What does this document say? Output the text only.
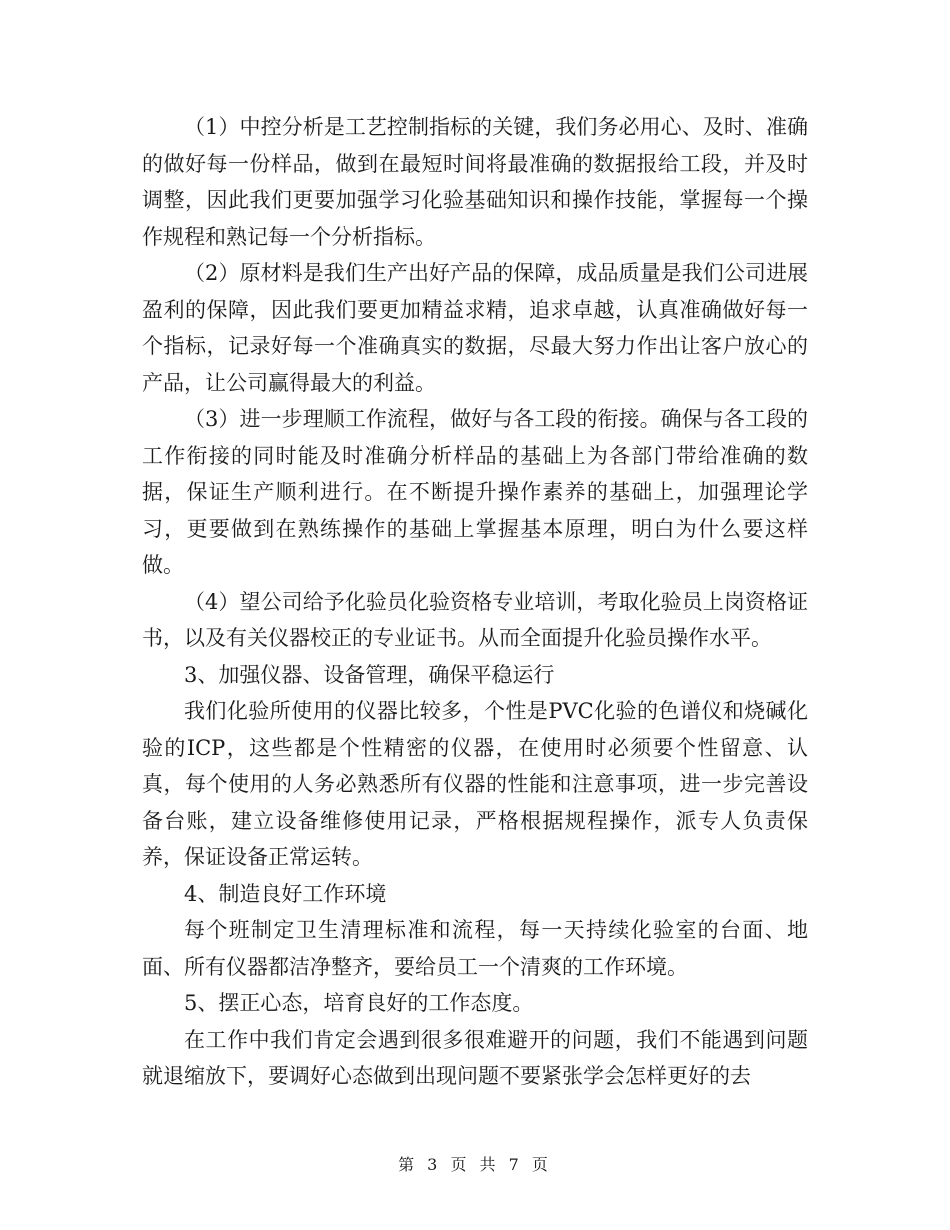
（1）中控分析是工艺控制指标的关键，我们务必用心、及时、准确的做好每一份样品，做到在最短时间将最准确的数据报给工段，并及时调整，因此我们更要加强学习化验基础知识和操作技能，掌握每一个操作规程和熟记每一个分析指标。

（2）原材料是我们生产出好产品的保障，成品质量是我们公司进展盈利的保障，因此我们要更加精益求精，追求卓越，认真准确做好每一个指标，记录好每一个准确真实的数据，尽最大努力作出让客户放心的产品，让公司赢得最大的利益。

（3）进一步理顺工作流程，做好与各工段的衔接。确保与各工段的工作衔接的同时能及时准确分析样品的基础上为各部门带给准确的数据，保证生产顺利进行。在不断提升操作素养的基础上，加强理论学习，更要做到在熟练操作的基础上掌握基本原理，明白为什么要这样做。

（4）望公司给予化验员化验资格专业培训，考取化验员上岗资格证书，以及有关仪器校正的专业证书。从而全面提升化验员操作水平。

3、加强仪器、设备管理，确保平稳运行

我们化验所使用的仪器比较多，个性是PVC化验的色谱仪和烧碱化验的ICP，这些都是个性精密的仪器，在使用时必须要个性留意、认真，每个使用的人务必熟悉所有仪器的性能和注意事项，进一步完善设备台账，建立设备维修使用记录，严格根据规程操作，派专人负责保养，保证设备正常运转。

4、制造良好工作环境

每个班制定卫生清理标准和流程，每一天持续化验室的台面、地面、所有仪器都洁净整齐，要给员工一个清爽的工作环境。

5、摆正心态，培育良好的工作态度。

在工作中我们肯定会遇到很多很难避开的问题，我们不能遇到问题就退缩放下，要调好心态做到出现问题不要紧张学会怎样更好的去

第 3 页 共 7 页
